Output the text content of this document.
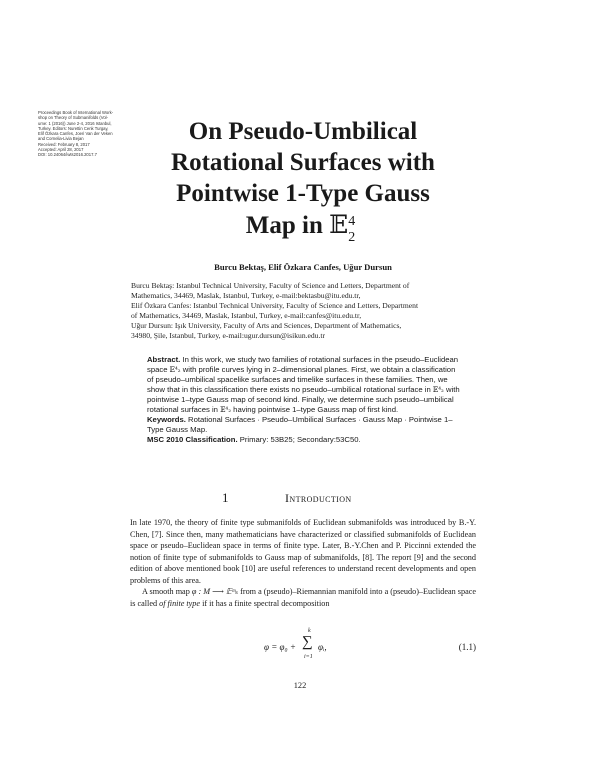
Proceedings Book of International Work-
shop on Theory of Submanifolds (Vol-
ume: 1 (2016)) June 2-4, 2016 Istanbul,
Turkey. Editors: Nurettin Cenk Turgay,
Elif Özkara Canfes, Joeri Van der Veken
and Cornelia-Livia Bejan
Received: February 8, 2017
Accepted: April 28, 2017
DOI: 10.24064/iwts2016.2017.7
On Pseudo-Umbilical
Rotational Surfaces with
Pointwise 1-Type Gauss
Map in 𝔼 4
2
Burcu Bektaş, Elif Özkara Canfes, Uğur Dursun
Burcu Bektaş: Istanbul Technical University, Faculty of Science and Letters, Department of
Mathematics, 34469, Maslak, Istanbul, Turkey, e-mail:bektasbu@itu.edu.tr,
Elif Özkara Canfes: Istanbul Technical University, Faculty of Science and Letters, Department
of Mathematics, 34469, Maslak, Istanbul, Turkey, e-mail:canfes@itu.edu.tr,
Uğur Dursun: Işık University, Faculty of Arts and Sciences, Department of Mathematics,
34980, Şile, Istanbul, Turkey, e-mail:ugur.dursun@isikun.edu.tr
Abstract. In this work, we study two families of rotational surfaces in the pseudo–Euclidean space 𝔼⁴₂ with profile curves lying in 2–dimensional planes. First, we obtain a classification of pseudo–umbilical spacelike surfaces and timelike surfaces in these families. Then, we show that in this classification there exists no pseudo–umbilical rotational surface in 𝔼⁴₂ with pointwise 1–type Gauss map of second kind. Finally, we determine such pseudo–umbilical rotational surfaces in 𝔼⁴₂ having pointwise 1–type Gauss map of first kind.
Keywords. Rotational Surfaces · Pseudo–Umbilical Surfaces · Gauss Map · Pointwise 1–Type Gauss Map.
MSC 2010 Classification. Primary: 53B25; Secondary:53C50.
1	Introduction

In late 1970, the theory of finite type submanifolds of Euclidean submanifolds was introduced by B.-Y. Chen, [7]. Since then, many mathematicians have characterized or classified submanifolds of Euclidean space or pseudo–Euclidean space in terms of finite type. Later, B.-Y.Chen and P. Piccinni extended the notion of finite type of submanifolds to Gauss map of submanifolds, [8]. The report [9] and the second edition of above mentioned book [10] are useful references to understand recent developments and open problems of this area.

A smooth map φ : M ⟶ 𝔼ᵐₛ from a (pseudo)–Riemannian manifold into a (pseudo)–Euclidean space is called of finite type if it has a finite spectral decomposition

φ = φ₀ +
k
∑
i=1
φᵢ,	(1.1)
122
